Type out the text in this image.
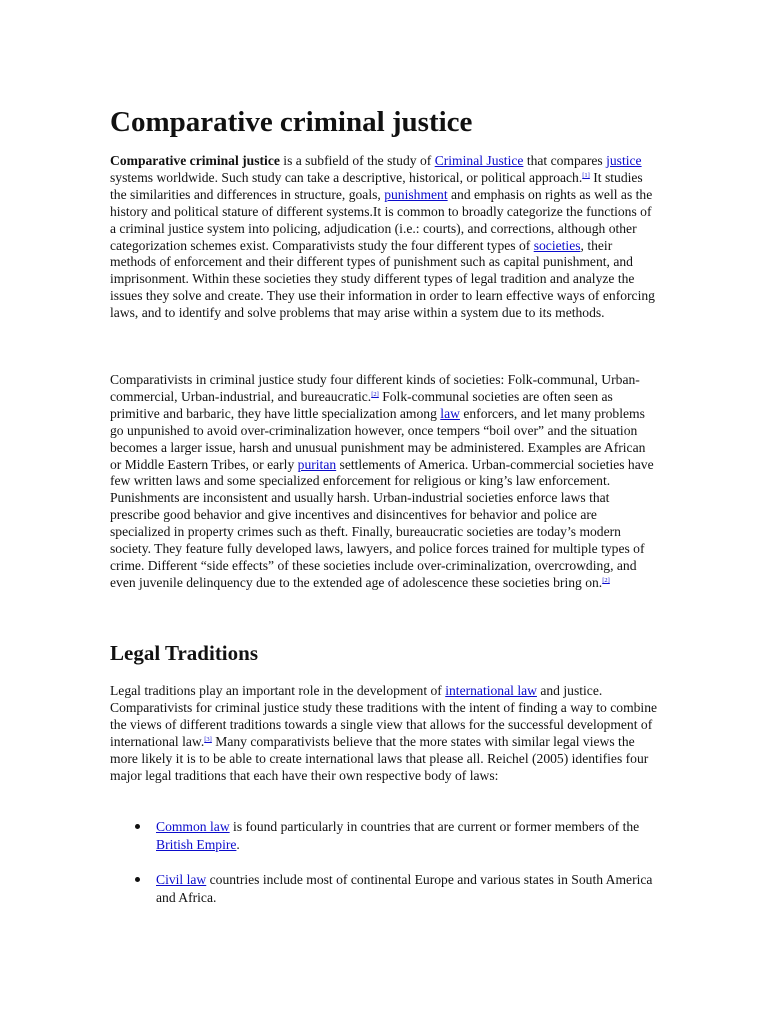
Comparative criminal justice

Comparative criminal justice is a subfield of the study of Criminal Justice that compares justice systems worldwide. Such study can take a descriptive, historical, or political approach.[1] It studies the similarities and differences in structure, goals, punishment and emphasis on rights as well as the history and political stature of different systems.It is common to broadly categorize the functions of a criminal justice system into policing, adjudication (i.e.: courts), and corrections, although other categorization schemes exist. Comparativists study the four different types of societies, their methods of enforcement and their different types of punishment such as capital punishment, and imprisonment. Within these societies they study different types of legal tradition and analyze the issues they solve and create. They use their information in order to learn effective ways of enforcing laws, and to identify and solve problems that may arise within a system due to its methods.

Comparativists in criminal justice study four different kinds of societies: Folk-communal, Urban-commercial, Urban-industrial, and bureaucratic.[2] Folk-communal societies are often seen as primitive and barbaric, they have little specialization among law enforcers, and let many problems go unpunished to avoid over-criminalization however, once tempers “boil over” and the situation becomes a larger issue, harsh and unusual punishment may be administered. Examples are African or Middle Eastern Tribes, or early puritan settlements of America. Urban-commercial societies have few written laws and some specialized enforcement for religious or king’s law enforcement. Punishments are inconsistent and usually harsh. Urban-industrial societies enforce laws that prescribe good behavior and give incentives and disincentives for behavior and police are specialized in property crimes such as theft. Finally, bureaucratic societies are today’s modern society. They feature fully developed laws, lawyers, and police forces trained for multiple types of crime. Different “side effects” of these societies include over-criminalization, overcrowding, and even juvenile delinquency due to the extended age of adolescence these societies bring on.[2]

Legal Traditions

Legal traditions play an important role in the development of international law and justice. Comparativists for criminal justice study these traditions with the intent of finding a way to combine the views of different traditions towards a single view that allows for the successful development of international law.[3] Many comparativists believe that the more states with similar legal views the more likely it is to be able to create international laws that please all. Reichel (2005) identifies four major legal traditions that each have their own respective body of laws:

Common law is found particularly in countries that are current or former members of the British Empire.
Civil law countries include most of continental Europe and various states in South America and Africa.
